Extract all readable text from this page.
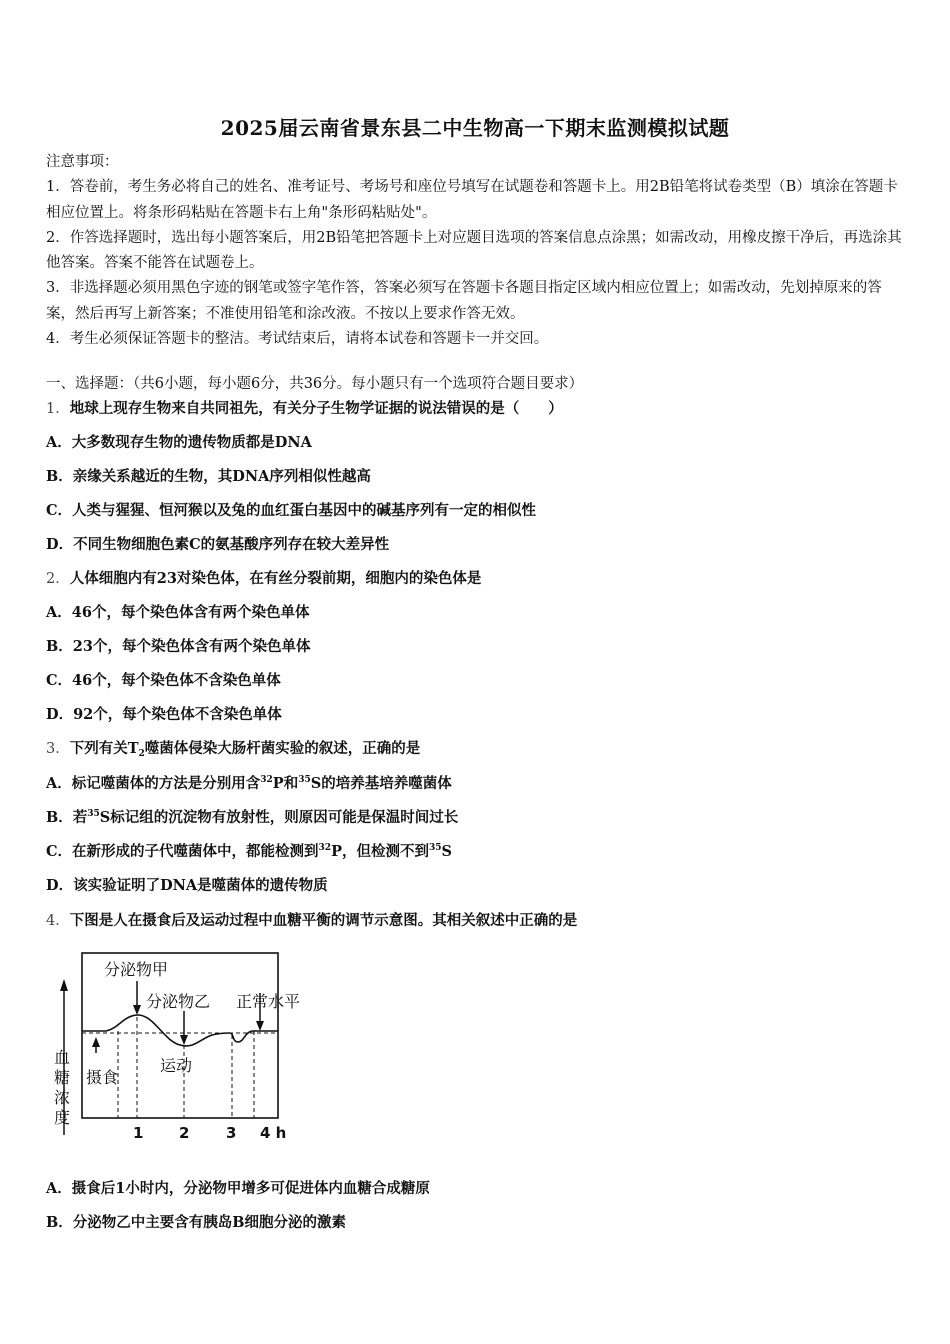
2025届云南省景东县二中生物高一下期末监测模拟试题
注意事项：
1．答卷前，考生务必将自己的姓名、准考证号、考场号和座位号填写在试题卷和答题卡上。用2B铅笔将试卷类型（B）填涂在答题卡相应位置上。将条形码粘贴在答题卡右上角"条形码粘贴处"。
2．作答选择题时，选出每小题答案后，用2B铅笔把答题卡上对应题目选项的答案信息点涂黑；如需改动，用橡皮擦干净后，再选涂其他答案。答案不能答在试题卷上。
3．非选择题必须用黑色字迹的钢笔或签字笔作答，答案必须写在答题卡各题目指定区域内相应位置上；如需改动，先划掉原来的答案，然后再写上新答案；不准使用铅笔和涂改液。不按以上要求作答无效。
4．考生必须保证答题卡的整洁。考试结束后，请将本试卷和答题卡一并交回。
一、选择题：（共6小题，每小题6分，共36分。每小题只有一个选项符合题目要求）
1．地球上现存生物来自共同祖先，有关分子生物学证据的说法错误的是（　　）
A．大多数现存生物的遗传物质都是DNA
B．亲缘关系越近的生物，其DNA序列相似性越高
C．人类与猩猩、恒河猴以及兔的血红蛋白基因中的碱基序列有一定的相似性
D．不同生物细胞色素C的氨基酸序列存在较大差异性
2．人体细胞内有23对染色体，在有丝分裂前期，细胞内的染色体是
A．46个，每个染色体含有两个染色单体
B．23个，每个染色体含有两个染色单体
C．46个，每个染色体不含染色单体
D．92个，每个染色体不含染色单体
3．下列有关$T_2$噬菌体侵染大肠杆菌实验的叙述，正确的是
A．标记噬菌体的方法是分别用含$^{32}$P和$^{35}$S的培养基培养噬菌体
B．若$^{35}$S标记组的沉淀物有放射性，则原因可能是保温时间过长
C．在新形成的子代噬菌体中，都能检测到$^{32}$P，但检测不到$^{35}$S
D．该实验证明了DNA是噬菌体的遗传物质
4．下图是人在摄食后及运动过程中血糖平衡的调节示意图。其相关叙述中正确的是
分泌物甲
分泌物乙 正常水平
摄食
运动
血
糖
浓
度
1 2 3 4 h
A．摄食后1小时内，分泌物甲增多可促进体内血糖合成糖原
B．分泌物乙中主要含有胰岛B细胞分泌的激素
